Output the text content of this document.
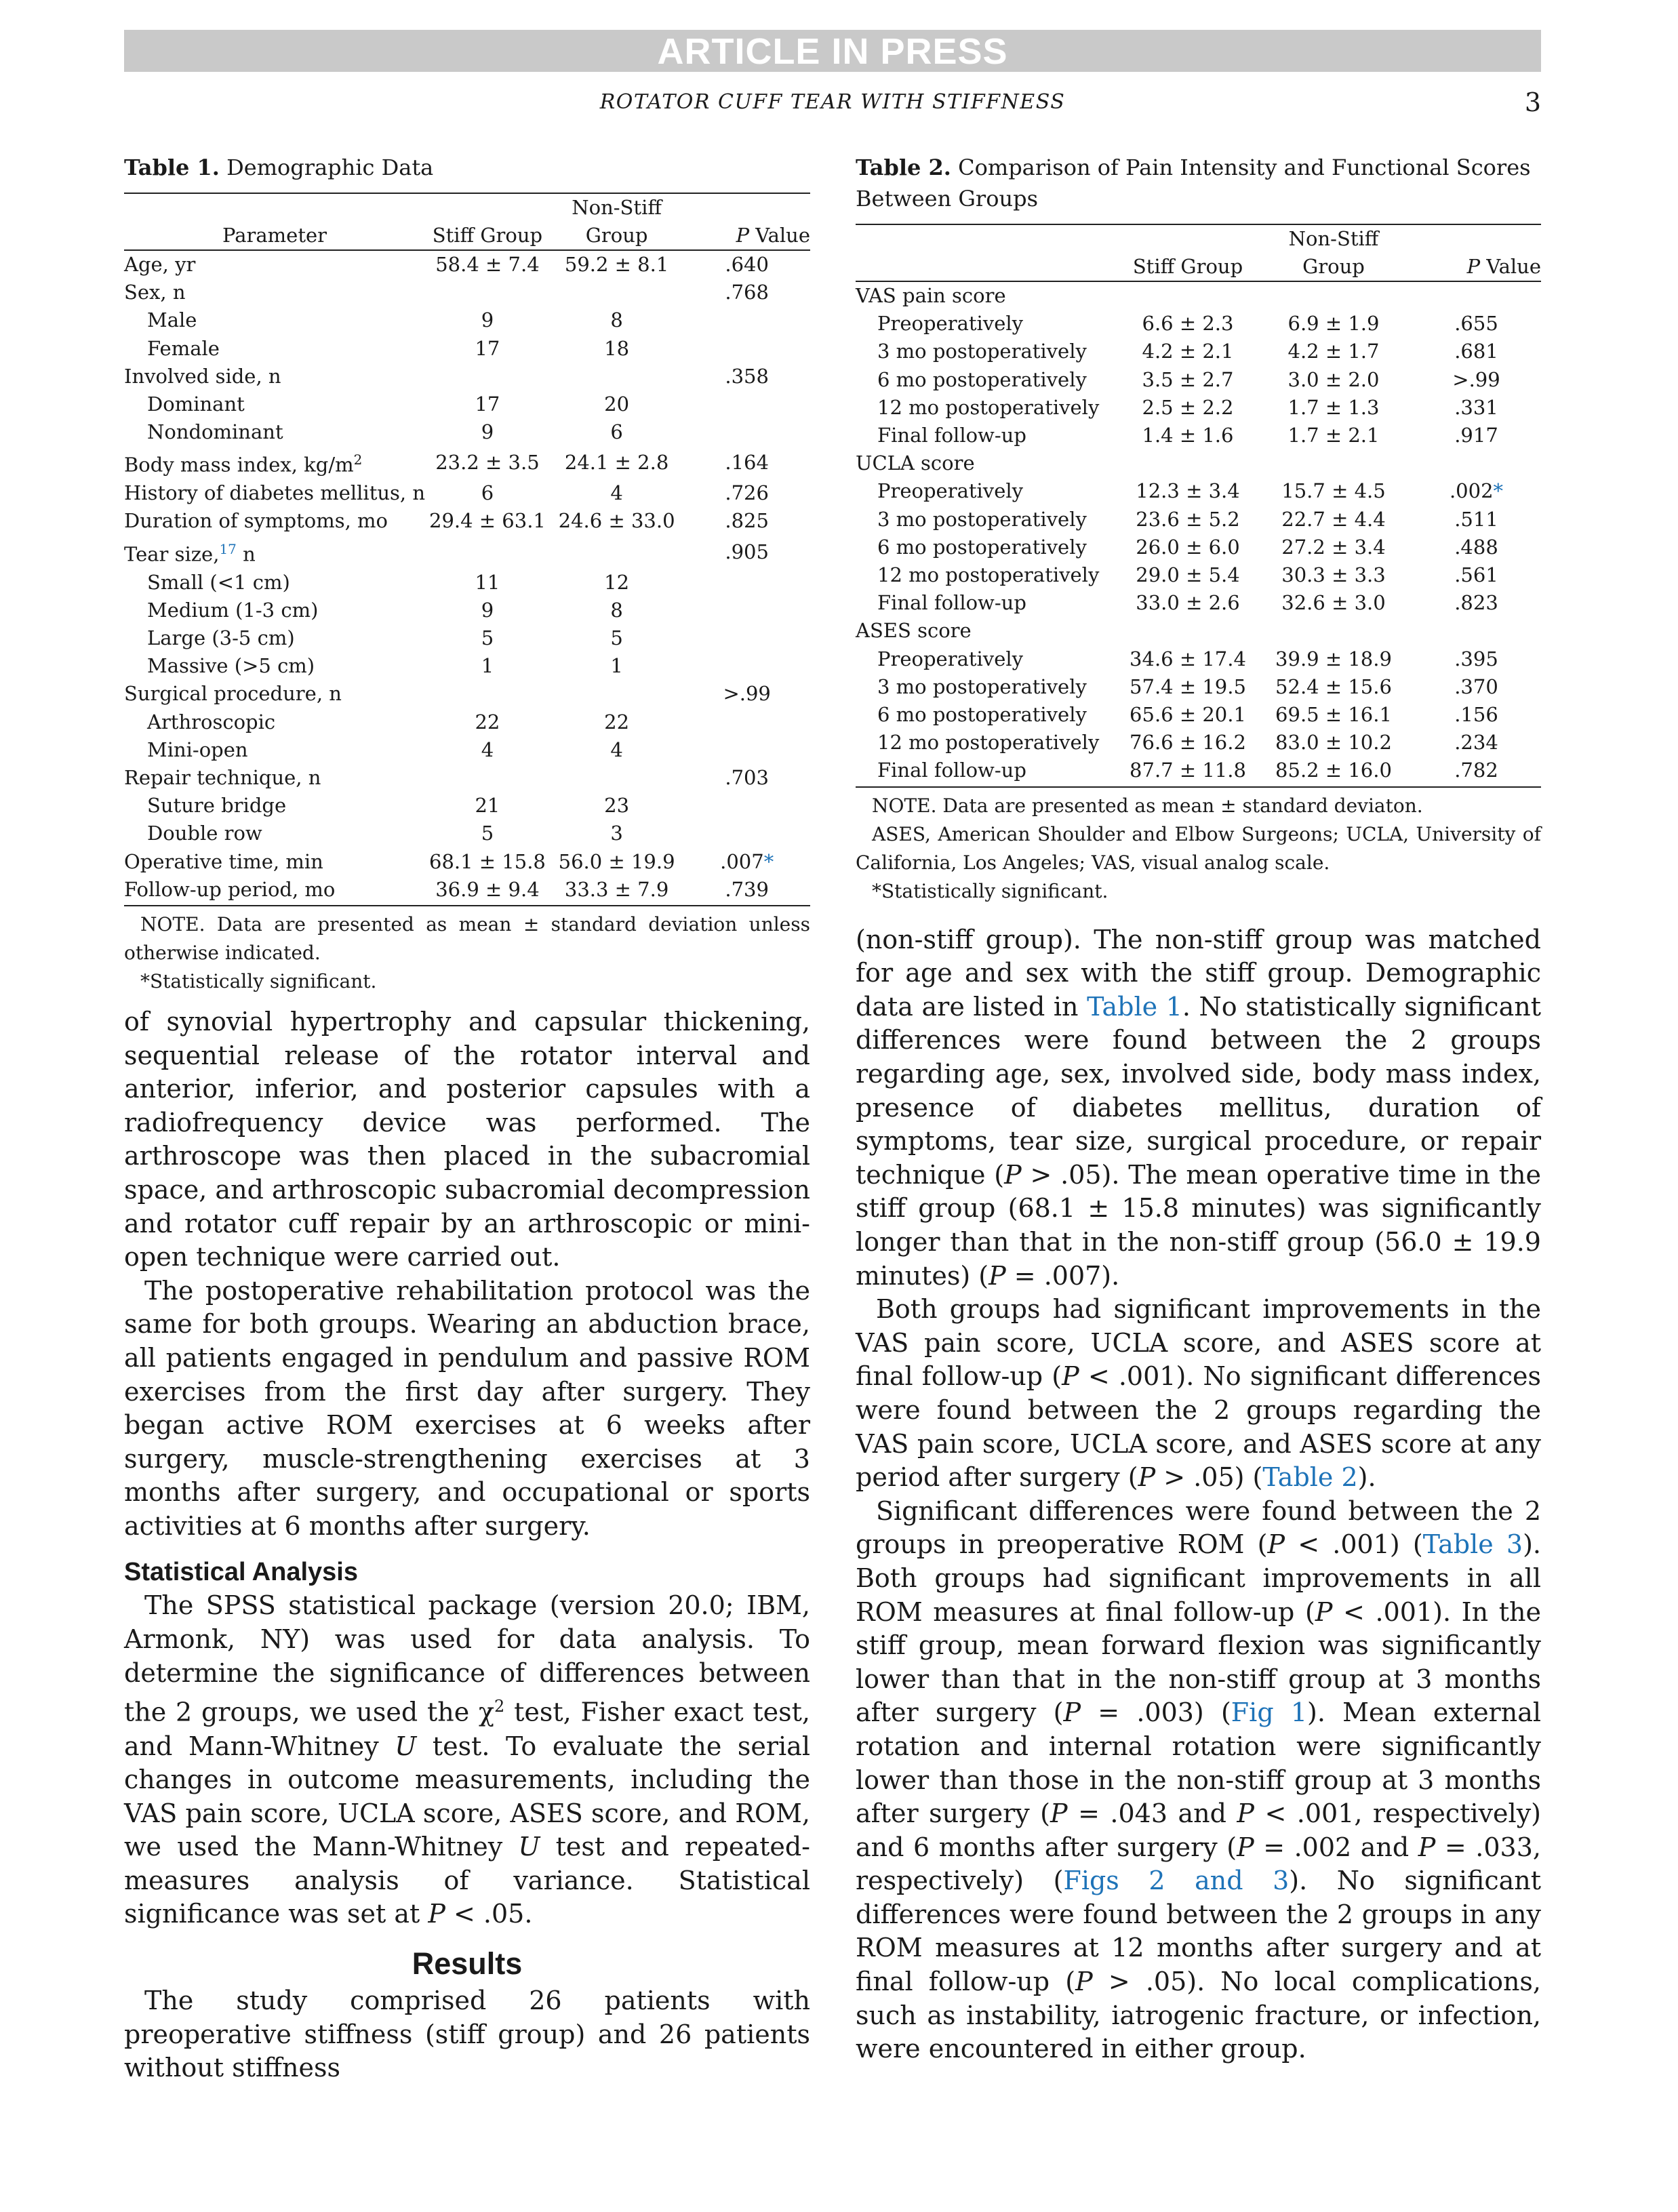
ARTICLE IN PRESS
ROTATOR CUFF TEAR WITH STIFFNESS	3
Table 1. Demographic Data
		Non-Stiff	
Parameter	Stiff Group	Group	P Value
Age, yr	58.4 ± 7.4	59.2 ± 8.1	.640
Sex, n			.768
Male	9	8	
Female	17	18	
Involved side, n			.358
Dominant	17	20	
Nondominant	9	6	
Body mass index, $kg/m^2$	23.2 ± 3.5	24.1 ± 2.8	.164
History of diabetes mellitus, n	6	4	.726
Duration of symptoms, mo	29.4 ± 63.1	24.6 ± 33.0	.825
Tear size,$^{17}$ n			.905
Small (<1 cm)	11	12	
Medium (1-3 cm)	9	8	
Large (3-5 cm)	5	5	
Massive (>5 cm)	1	1	
Surgical procedure, n			>.99
Arthroscopic	22	22	
Mini-open	4	4	
Repair technique, n			.703
Suture bridge	21	23	
Double row	5	3	
Operative time, min	68.1 ± 15.8	56.0 ± 19.9	.007*
Follow-up period, mo	36.9 ± 9.4	33.3 ± 7.9	.739

NOTE. Data are presented as mean ± standard deviation unless otherwise indicated.

*Statistically significant.

of synovial hypertrophy and capsular thickening, sequential release of the rotator interval and anterior, inferior, and posterior capsules with a radiofrequency device was performed. The arthroscope was then placed in the subacromial space, and arthroscopic subacromial decompression and rotator cuff repair by an arthroscopic or mini-open technique were carried out.

The postoperative rehabilitation protocol was the same for both groups. Wearing an abduction brace, all patients engaged in pendulum and passive ROM exercises from the first day after surgery. They began active ROM exercises at 6 weeks after surgery, muscle-strengthening exercises at 3 months after surgery, and occupational or sports activities at 6 months after surgery.

Statistical Analysis

The SPSS statistical package (version 20.0; IBM, Armonk, NY) was used for data analysis. To determine the significance of differences between the 2 groups, we used the $\chi^2$ test, Fisher exact test, and Mann-Whitney U test. To evaluate the serial changes in outcome measurements, including the VAS pain score, UCLA score, ASES score, and ROM, we used the Mann-Whitney U test and repeated-measures analysis of variance. Statistical significance was set at P < .05.

Results

The study comprised 26 patients with preoperative stiffness (stiff group) and 26 patients without stiffness

Table 2. Comparison of Pain Intensity and Functional Scores Between Groups
		Non-Stiff	
	Stiff Group	Group	P Value
VAS pain score			
Preoperatively	6.6 ± 2.3	6.9 ± 1.9	.655
3 mo postoperatively	4.2 ± 2.1	4.2 ± 1.7	.681
6 mo postoperatively	3.5 ± 2.7	3.0 ± 2.0	>.99
12 mo postoperatively	2.5 ± 2.2	1.7 ± 1.3	.331
Final follow-up	1.4 ± 1.6	1.7 ± 2.1	.917
UCLA score			
Preoperatively	12.3 ± 3.4	15.7 ± 4.5	.002*
3 mo postoperatively	23.6 ± 5.2	22.7 ± 4.4	.511
6 mo postoperatively	26.0 ± 6.0	27.2 ± 3.4	.488
12 mo postoperatively	29.0 ± 5.4	30.3 ± 3.3	.561
Final follow-up	33.0 ± 2.6	32.6 ± 3.0	.823
ASES score			
Preoperatively	34.6 ± 17.4	39.9 ± 18.9	.395
3 mo postoperatively	57.4 ± 19.5	52.4 ± 15.6	.370
6 mo postoperatively	65.6 ± 20.1	69.5 ± 16.1	.156
12 mo postoperatively	76.6 ± 16.2	83.0 ± 10.2	.234
Final follow-up	87.7 ± 11.8	85.2 ± 16.0	.782

NOTE. Data are presented as mean ± standard deviaton.

ASES, American Shoulder and Elbow Surgeons; UCLA, University of California, Los Angeles; VAS, visual analog scale.

*Statistically significant.

(non-stiff group). The non-stiff group was matched for age and sex with the stiff group. Demographic data are listed in Table 1. No statistically significant differences were found between the 2 groups regarding age, sex, involved side, body mass index, presence of diabetes mellitus, duration of symptoms, tear size, surgical procedure, or repair technique (P > .05). The mean operative time in the stiff group (68.1 ± 15.8 minutes) was significantly longer than that in the non-stiff group (56.0 ± 19.9 minutes) (P = .007).

Both groups had significant improvements in the VAS pain score, UCLA score, and ASES score at final follow-up (P < .001). No significant differences were found between the 2 groups regarding the VAS pain score, UCLA score, and ASES score at any period after surgery (P > .05) (Table 2).

Significant differences were found between the 2 groups in preoperative ROM (P < .001) (Table 3). Both groups had significant improvements in all ROM measures at final follow-up (P < .001). In the stiff group, mean forward flexion was significantly lower than that in the non-stiff group at 3 months after surgery (P = .003) (Fig 1). Mean external rotation and internal rotation were significantly lower than those in the non-stiff group at 3 months after surgery (P = .043 and P < .001, respectively) and 6 months after surgery (P = .002 and P = .033, respectively) (Figs 2 and 3). No significant differences were found between the 2 groups in any ROM measures at 12 months after surgery and at final follow-up (P > .05). No local complications, such as instability, iatrogenic fracture, or infection, were encountered in either group.
